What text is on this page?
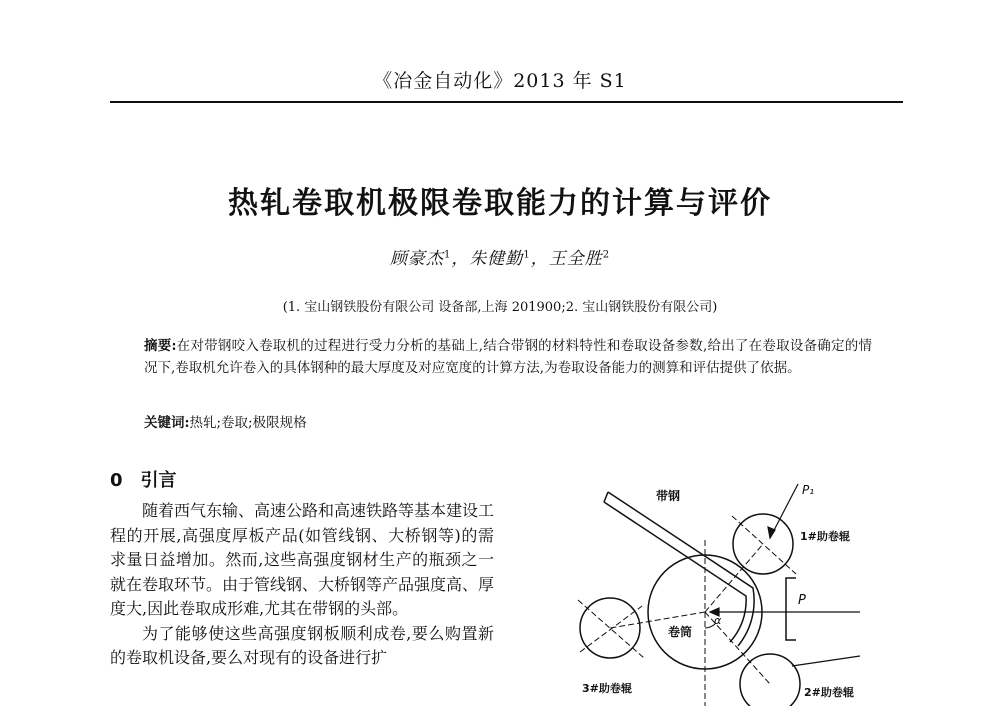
《冶金自动化》2013 年 S1
热轧卷取机极限卷取能力的计算与评价
顾豪杰$^1$，朱健勤$^1$，王全胜$^2$
(1. 宝山钢铁股份有限公司 设备部,上海 201900;2. 宝山钢铁股份有限公司)
摘要:在对带钢咬入卷取机的过程进行受力分析的基础上,结合带钢的材料特性和卷取设备参数,给出了在卷取设备确定的情况下,卷取机允许卷入的具体钢种的最大厚度及对应宽度的计算方法,为卷取设备能力的测算和评估提供了依据。
关键词:热轧;卷取;极限规格
0 引言

随着西气东输、高速公路和高速铁路等基本建设工程的开展,高强度厚板产品(如管线钢、大桥钢等)的需求量日益增加。然而,这些高强度钢材生产的瓶颈之一就在卷取环节。由于管线钢、大桥钢等产品强度高、厚度大,因此卷取成形难,尤其在带钢的头部。

为了能够使这些高强度钢板顺利成卷,要么购置新的卷取机设备,要么对现有的设备进行扩

带钢	P₁
P
1#助卷辊
2#助卷辊
3#助卷辊
卷筒
α
